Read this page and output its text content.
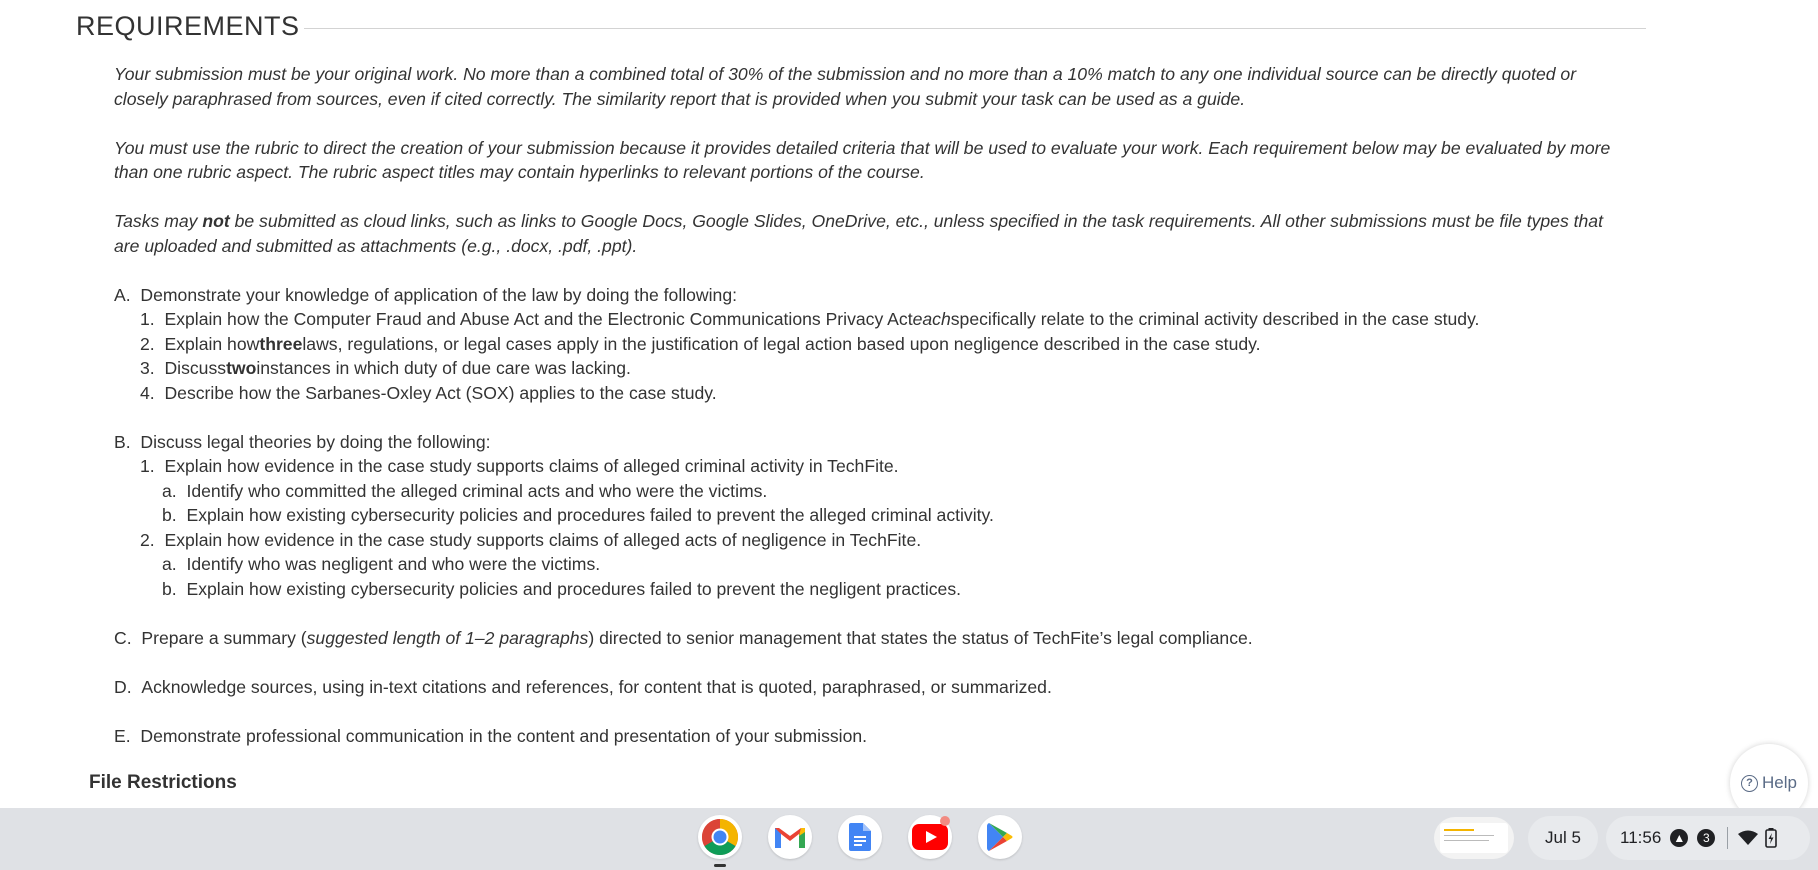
REQUIREMENTS

Your submission must be your original work. No more than a combined total of 30% of the submission and no more than a 10% match to any one individual source can be directly quoted or closely paraphrased from sources, even if cited correctly. The similarity report that is provided when you submit your task can be used as a guide.

You must use the rubric to direct the creation of your submission because it provides detailed criteria that will be used to evaluate your work. Each requirement below may be evaluated by more than one rubric aspect. The rubric aspect titles may contain hyperlinks to relevant portions of the course.

Tasks may not be submitted as cloud links, such as links to Google Docs, Google Slides, OneDrive, etc., unless specified in the task requirements. All other submissions must be file types that are uploaded and submitted as attachments (e.g., .docx, .pdf, .ppt).

A.
Demonstrate your knowledge of application of the law by doing the following:
1.
Explain how the Computer Fraud and Abuse Act and the Electronic Communications Privacy Act each specifically relate to the criminal activity described in the case study.
2.
Explain how three laws, regulations, or legal cases apply in the justification of legal action based upon negligence described in the case study.
3.
Discuss two instances in which duty of due care was lacking.
4.
Describe how the Sarbanes-Oxley Act (SOX) applies to the case study.
B.
Discuss legal theories by doing the following:
1.
Explain how evidence in the case study supports claims of alleged criminal activity in TechFite.
a.
Identify who committed the alleged criminal acts and who were the victims.
b.
Explain how existing cybersecurity policies and procedures failed to prevent the alleged criminal activity.
2.
Explain how evidence in the case study supports claims of alleged acts of negligence in TechFite.
a.
Identify who was negligent and who were the victims.
b.
Explain how existing cybersecurity policies and procedures failed to prevent the negligent practices.
C.
Prepare a summary ( suggested length of 1–2 paragraphs ) directed to senior management that states the status of TechFite’s legal compliance.
D.
Acknowledge sources, using in-text citations and references, for content that is quoted, paraphrased, or summarized.
E.
Demonstrate professional communication in the content and presentation of your submission.
File Restrictions	? Help
Jul 5 11:56 ▲	3
